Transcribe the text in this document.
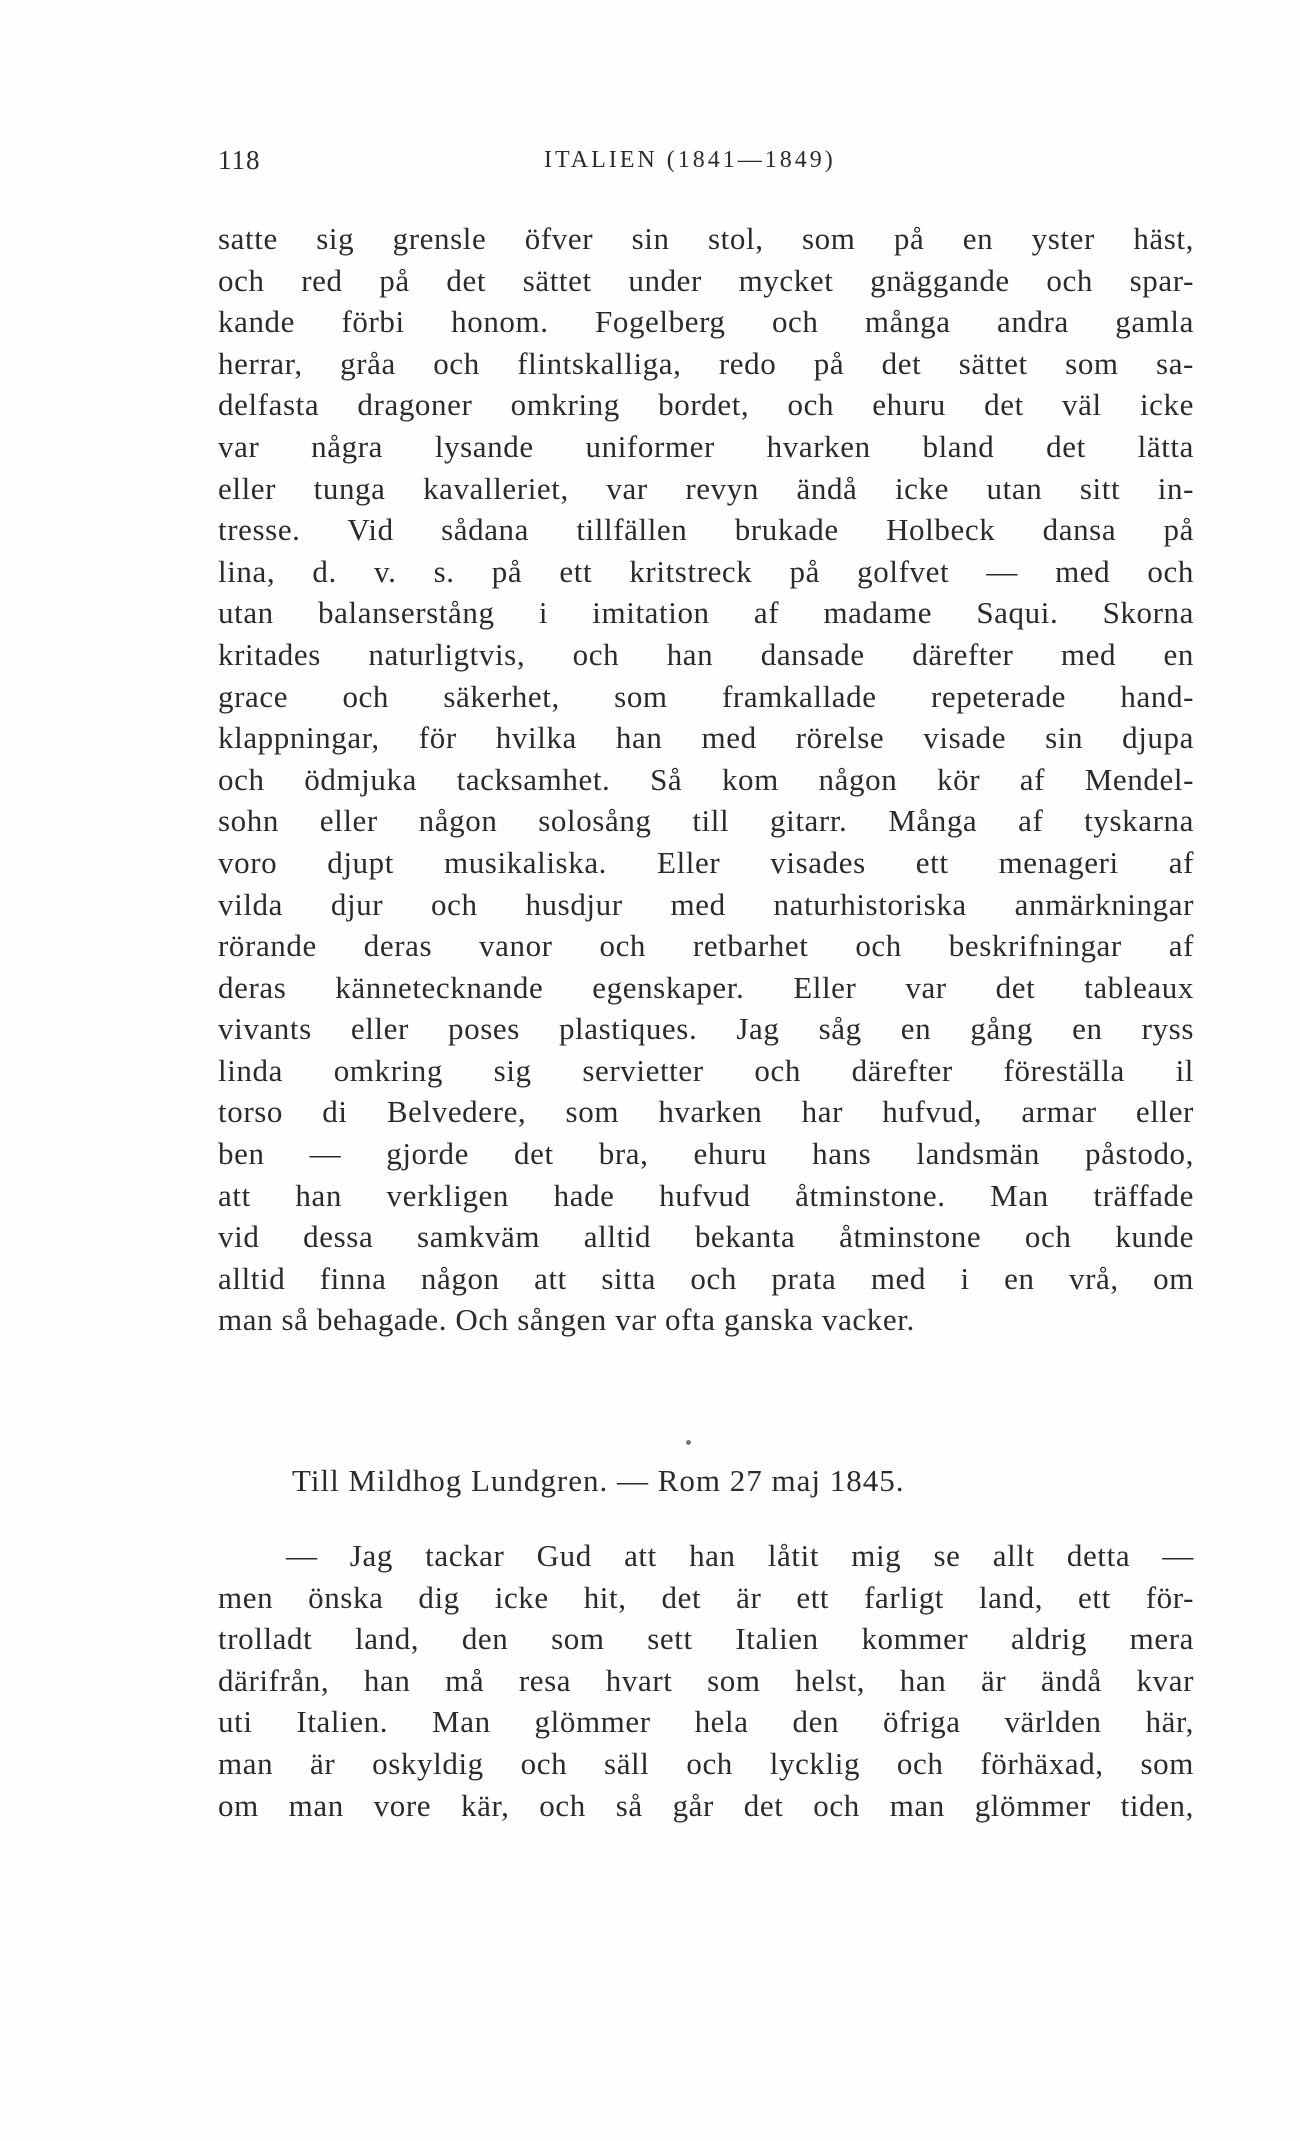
118	ITALIEN (1841—1849)
satte sig grensle öfver sin stol, som på en yster häst,
och red på det sättet under mycket gnäggande och spar-
kande förbi honom. Fogelberg och många andra gamla
herrar, gråa och flintskalliga, redo på det sättet som sa-
delfasta dragoner omkring bordet, och ehuru det väl icke
var några lysande uniformer hvarken bland det lätta
eller tunga kavalleriet, var revyn ändå icke utan sitt in-
tresse. Vid sådana tillfällen brukade Holbeck dansa på
lina, d. v. s. på ett kritstreck på golfvet — med och
utan balanserstång i imitation af madame Saqui. Skorna
kritades naturligtvis, och han dansade därefter med en
grace och säkerhet, som framkallade repeterade hand-
klappningar, för hvilka han med rörelse visade sin djupa
och ödmjuka tacksamhet. Så kom någon kör af Mendel-
sohn eller någon solosång till gitarr. Många af tyskarna
voro djupt musikaliska. Eller visades ett menageri af
vilda djur och husdjur med naturhistoriska anmärkningar
rörande deras vanor och retbarhet och beskrifningar af
deras kännetecknande egenskaper. Eller var det tableaux
vivants eller poses plastiques. Jag såg en gång en ryss
linda omkring sig servietter och därefter föreställa il
torso di Belvedere, som hvarken har hufvud, armar eller
ben — gjorde det bra, ehuru hans landsmän påstodo,
att han verkligen hade hufvud åtminstone. Man träffade
vid dessa samkväm alltid bekanta åtminstone och kunde
alltid finna någon att sitta och prata med i en vrå, om
man så behagade. Och sången var ofta ganska vacker.
Till Mildhog Lundgren. — Rom 27 maj 1845.
— Jag tackar Gud att han låtit mig se allt detta —
men önska dig icke hit, det är ett farligt land, ett för-
trolladt land, den som sett Italien kommer aldrig mera
därifrån, han må resa hvart som helst, han är ändå kvar
uti Italien. Man glömmer hela den öfriga världen här,
man är oskyldig och säll och lycklig och förhäxad, som
om man vore kär, och så går det och man glömmer tiden,
